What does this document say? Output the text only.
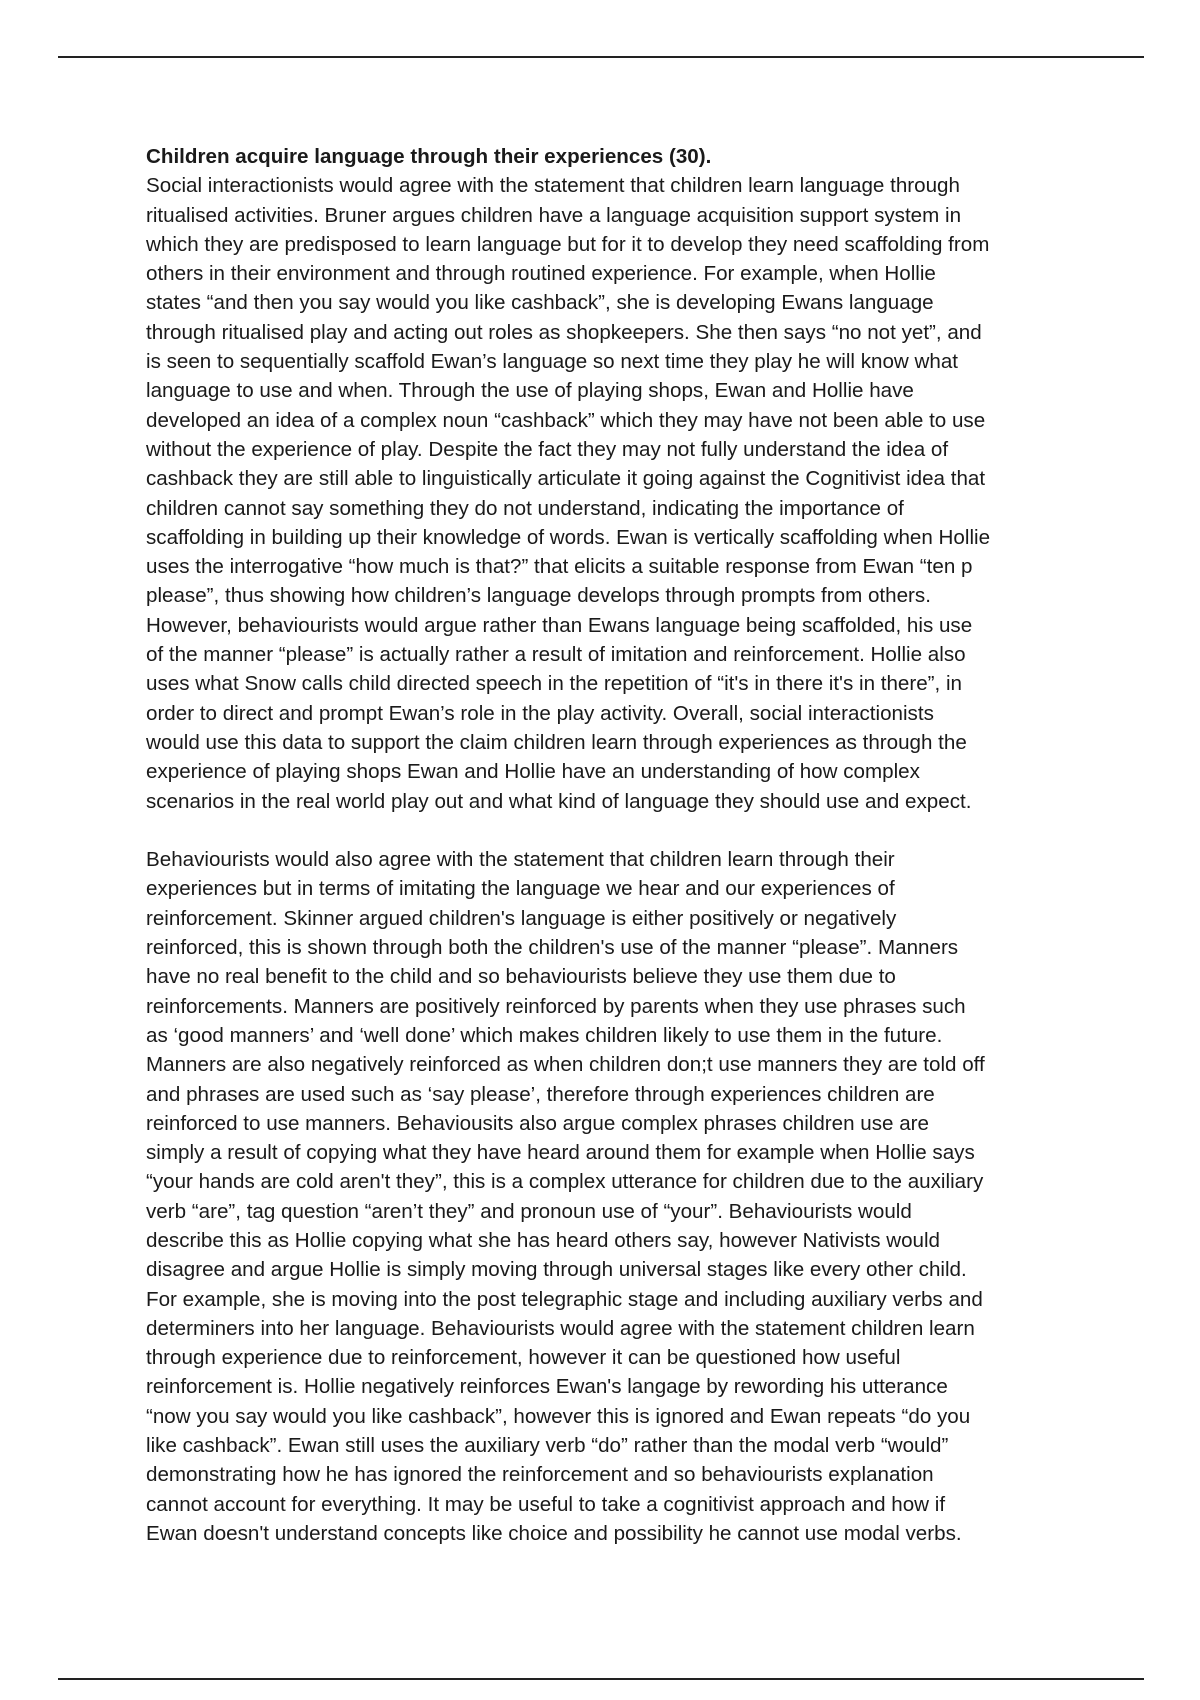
Children acquire language through their experiences (30).
Social interactionists would agree with the statement that children learn language through
ritualised activities. Bruner argues children have a language acquisition support system in
which they are predisposed to learn language but for it to develop they need scaffolding from
others in their environment and through routined experience. For example, when Hollie
states “and then you say would you like cashback”, she is developing Ewans language
through ritualised play and acting out roles as shopkeepers. She then says “no not yet”, and
is seen to sequentially scaffold Ewan’s language so next time they play he will know what
language to use and when. Through the use of playing shops, Ewan and Hollie have
developed an idea of a complex noun “cashback” which they may have not been able to use
without the experience of play. Despite the fact they may not fully understand the idea of
cashback they are still able to linguistically articulate it going against the Cognitivist idea that
children cannot say something they do not understand, indicating the importance of
scaffolding in building up their knowledge of words. Ewan is vertically scaffolding when Hollie
uses the interrogative “how much is that?” that elicits a suitable response from Ewan “ten p
please”, thus showing how children’s language develops through prompts from others.
However, behaviourists would argue rather than Ewans language being scaffolded, his use
of the manner “please” is actually rather a result of imitation and reinforcement. Hollie also
uses what Snow calls child directed speech in the repetition of “it's in there it's in there”, in
order to direct and prompt Ewan’s role in the play activity. Overall, social interactionists
would use this data to support the claim children learn through experiences as through the
experience of playing shops Ewan and Hollie have an understanding of how complex
scenarios in the real world play out and what kind of language they should use and expect.
Behaviourists would also agree with the statement that children learn through their
experiences but in terms of imitating the language we hear and our experiences of
reinforcement. Skinner argued children's language is either positively or negatively
reinforced, this is shown through both the children's use of the manner “please”. Manners
have no real benefit to the child and so behaviourists believe they use them due to
reinforcements. Manners are positively reinforced by parents when they use phrases such
as ‘good manners’ and ‘well done’ which makes children likely to use them in the future.
Manners are also negatively reinforced as when children don;t use manners they are told off
and phrases are used such as ‘say please’, therefore through experiences children are
reinforced to use manners. Behaviousits also argue complex phrases children use are
simply a result of copying what they have heard around them for example when Hollie says
“your hands are cold aren't they”, this is a complex utterance for children due to the auxiliary
verb “are”, tag question “aren’t they” and pronoun use of “your”. Behaviourists would
describe this as Hollie copying what she has heard others say, however Nativists would
disagree and argue Hollie is simply moving through universal stages like every other child.
For example, she is moving into the post telegraphic stage and including auxiliary verbs and
determiners into her language. Behaviourists would agree with the statement children learn
through experience due to reinforcement, however it can be questioned how useful
reinforcement is. Hollie negatively reinforces Ewan's langage by rewording his utterance
“now you say would you like cashback”, however this is ignored and Ewan repeats “do you
like cashback”. Ewan still uses the auxiliary verb “do” rather than the modal verb “would”
demonstrating how he has ignored the reinforcement and so behaviourists explanation
cannot account for everything. It may be useful to take a cognitivist approach and how if
Ewan doesn't understand concepts like choice and possibility he cannot use modal verbs.
